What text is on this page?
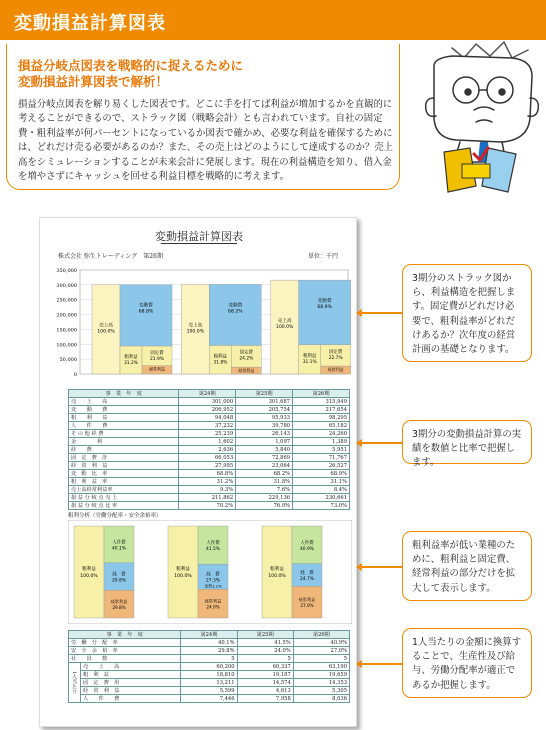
変動損益計算図表
損益分岐点図表を戦略的に捉えるために
変動損益計算図表で解析！
損益分岐点図表を解り易くした図表です。どこに手を打てば利益が増加するかを直観的に考えることができるので、ストラック図（戦略会計）とも言われています。自社の固定費・粗利益率が何パーセントになっているか図表で確かめ、必要な利益を確保するためには、どれだけ売る必要があるのか？また、その売上はどのようにして達成するのか？売上高をシミュレーションすることが未来会計に発展します。現在の利益構造を知り、借入金を増やさずにキャッシュを回せる利益目標を戦略的に考えます。
変動損益計算図表
株式会社 弥生トレーディング　第26期	単位：千円
350,000
300,000
250,000
200,000
150,000
100,000
50,000
0
売上高
100.0%
変動費
68.8%
粗利益
31.2%
固定費
21.9%
経常利益
売上高
100.0%
変動費
68.2%
粗利益
31.8%
固定費
24.2%
経常利益
売上高
100.0%
変動費
68.9%
粗利益
31.1%
固定費
22.7%
経常利益
事　業　年　度	第24期	第25期	第26期
売　　上　　高	301,000	301,687	315,949
変　　動　　費	206,952	205,754	217,654
粗　　利　　益	94,048	95,933	98,295
人　　件　　費	37,232	39,780	65,182
そ の 他 経 費	25,239	26,143	24,260
金　　　　利	1,602	1,097	1,389
経　　費	2,636	5,840	5,951
固　定　費　計	66,053	72,869	71,767
経　常　利　益	27,995	23,064	26,527
変　動　比　率	68.8%	68.2%	68.9%
粗　利　益　率	31.2%	31.8%	31.1%
売上高経常利益率	9.3%	7.6%	8.4%
損 益 分 岐 点 売 上	211,862	229,136	230,661
損 益 分 岐 点 比 率	70.2%	76.0%	73.0%
粗利分析（労働分配率・安全余裕率）
粗利益
100.0%
人件費
40.1%
経　費
29.8%
経常利益
29.8%
粗利益
100.0%
人件費
41.5%
経　費
27.3%
経常利益
24.0%
金利1.1%
粗利益
100.0%
人件費
40.9%
経　費
24.7%
経常利益
27.0%
事　業　年　度		第24期	第25期	第26期
労　働　分　配　率		40.1%	41.5%	40.9%
安　全　余　裕　率		29.8%	24.0%	27.0%
社　　員　　数		5	5	5
1人当たり	売　　上　　高	60,200	60,337	63,190
	粗　利　益	18,810	19,187	19,659
	固　定　費　用	13,211	14,574	14,353
	経　常　利　益	5,599	4,613	5,305
	人　　件　　費	7,446	7,958	8,036
3期分のストラック図から、利益構造を把握します。固定費がどれだけ必要で、粗利益率がどれだけあるか？次年度の経営計画の基礎となります。
3期分の変動損益計算の実績を数値と比率で把握します。
粗利益率が低い業種のために、粗利益と固定費、経常利益の部分だけを拡大して表示します。
1人当たりの金額に換算することで、生産性及び給与、労働分配率が適正であるか把握します。
